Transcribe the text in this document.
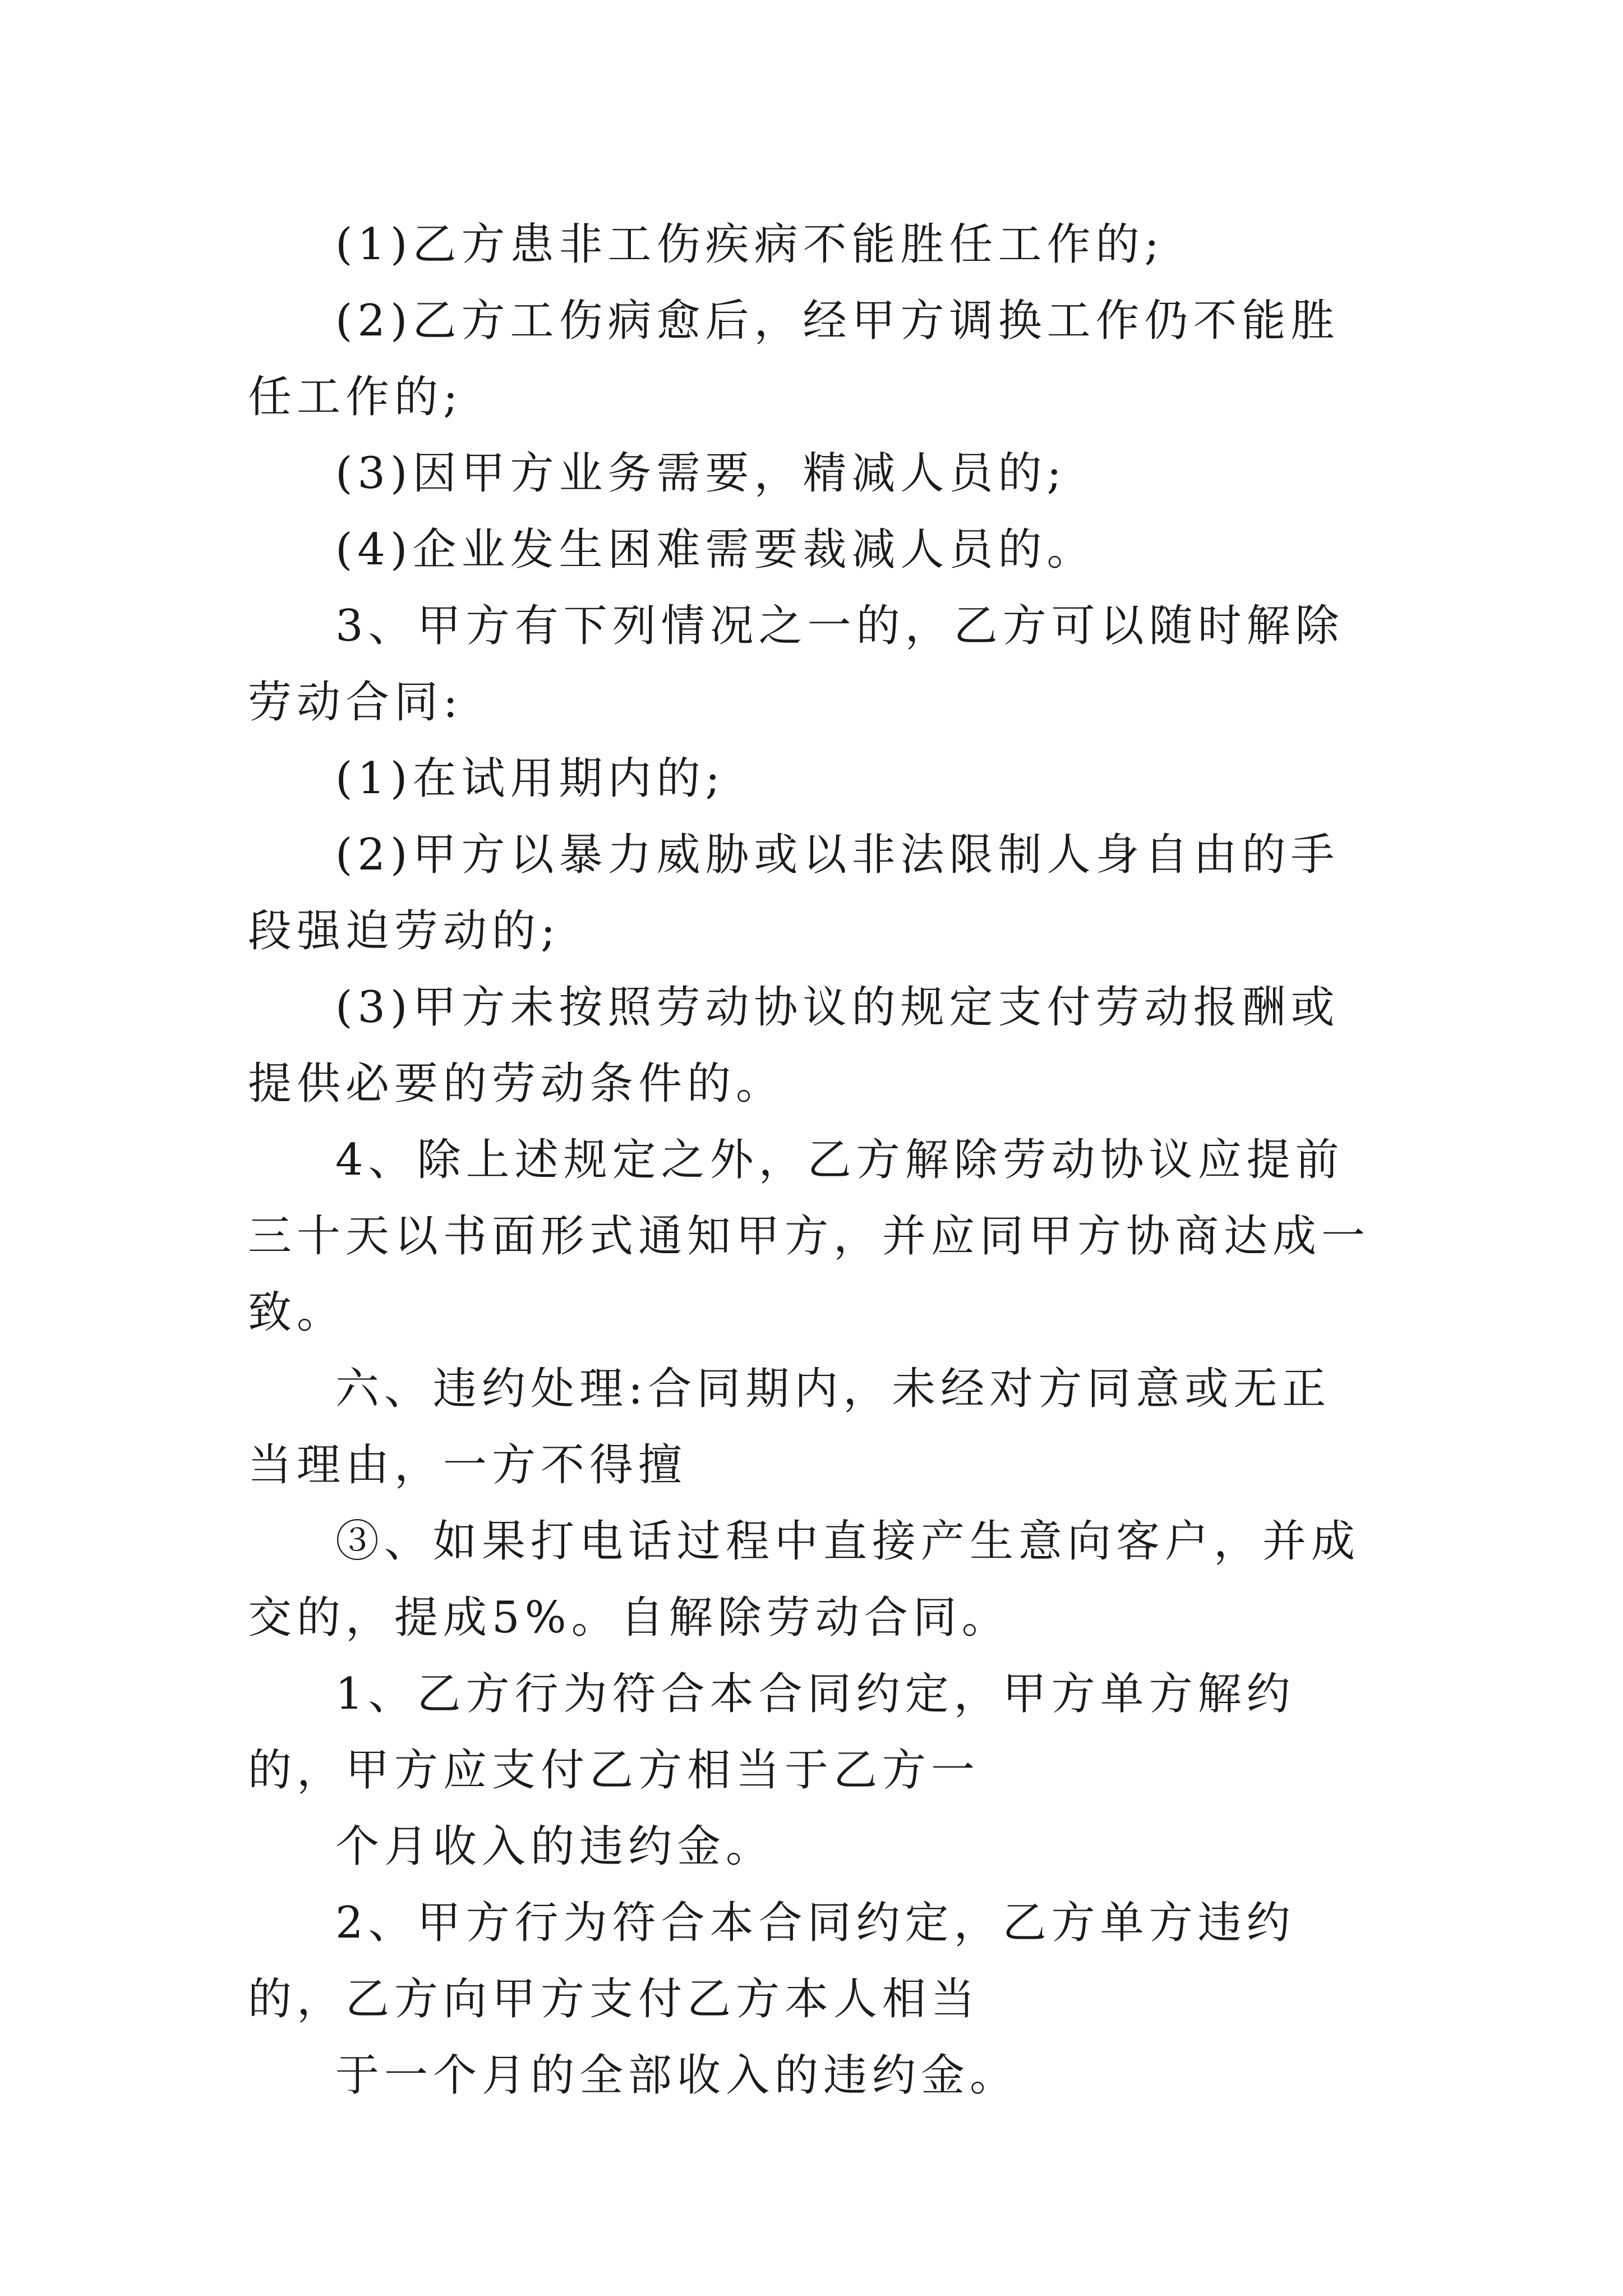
(1)乙方患非工伤疾病不能胜任工作的;

(2)乙方工伤病愈后，经甲方调换工作仍不能胜任工作的;

(3)因甲方业务需要，精减人员的;

(4)企业发生困难需要裁减人员的。

3、甲方有下列情况之一的，乙方可以随时解除劳动合同:

(1)在试用期内的;

(2)甲方以暴力威胁或以非法限制人身自由的手段强迫劳动的;

(3)甲方未按照劳动协议的规定支付劳动报酬或提供必要的劳动条件的。

4、除上述规定之外，乙方解除劳动协议应提前三十天以书面形式通知甲方，并应同甲方协商达成一致。

六、违约处理:合同期内，未经对方同意或无正当理由，一方不得擅

③、如果打电话过程中直接产生意向客户，并成交的，提成5%。自解除劳动合同。

1、乙方行为符合本合同约定，甲方单方解约的，甲方应支付乙方相当于乙方一

个月收入的违约金。

2、甲方行为符合本合同约定，乙方单方违约的，乙方向甲方支付乙方本人相当

于一个月的全部收入的违约金。
